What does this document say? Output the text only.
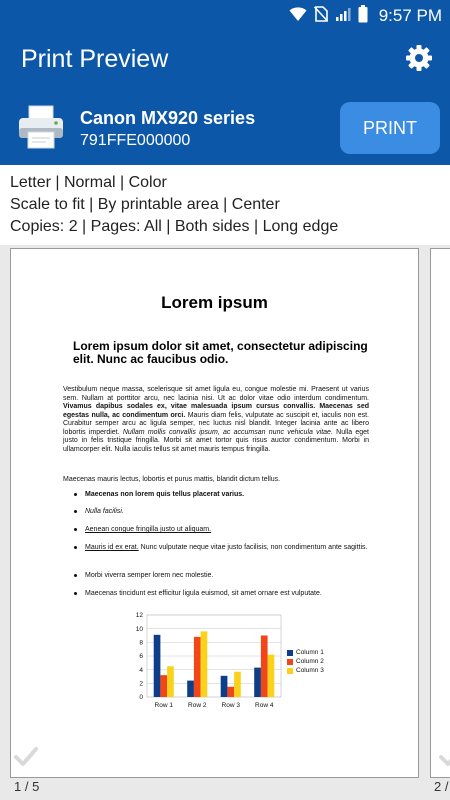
9:57 PM
Print Preview
Canon MX920 series
791FFE000000
PRINT
Letter | Normal | Color
Scale to fit | By printable area | Center
Copies: 2 | Pages: All | Both sides | Long edge
Lorem ipsum
Lorem ipsum dolor sit amet, consectetur adipiscing elit. Nunc ac faucibus odio.
Vestibulum neque massa, scelerisque sit amet ligula eu, congue molestie mi. Praesent ut varius sem. Nullam at porttitor arcu, nec lacinia nisi. Ut ac dolor vitae odio interdum condimentum. Vivamus dapibus sodales ex, vitae malesuada ipsum cursus convallis. Maecenas sed egestas nulla, ac condimentum orci. Mauris diam felis, vulputate ac suscipit et, iaculis non est. Curabitur semper arcu ac ligula semper, nec luctus nisl blandit. Integer lacinia ante ac libero lobortis imperdiet. Nullam mollis convallis ipsum, ac accumsan nunc vehicula vitae. Nulla eget justo in felis tristique fringilla. Morbi sit amet tortor quis risus auctor condimentum. Morbi in ullamcorper elit. Nulla iaculis tellus sit amet mauris tempus fringilla.
Maecenas mauris lectus, lobortis et purus mattis, blandit dictum tellus.
Maecenas non lorem quis tellus placerat varius.
Nulla facilisi.
Aenean congue fringilla justo ut aliquam.
Mauris id ex erat. Nunc vulputate neque vitae justo facilisis, non condimentum ante sagittis.
Morbi viverra semper lorem nec molestie.
Maecenas tincidunt est efficitur ligula euismod, sit amet ornare est vulputate.
0
2
4
6
8
10
12
Row 1 Row 2 Row 3 Row 4
Column 1
Column 2
Column 3
1 / 5	2 /
